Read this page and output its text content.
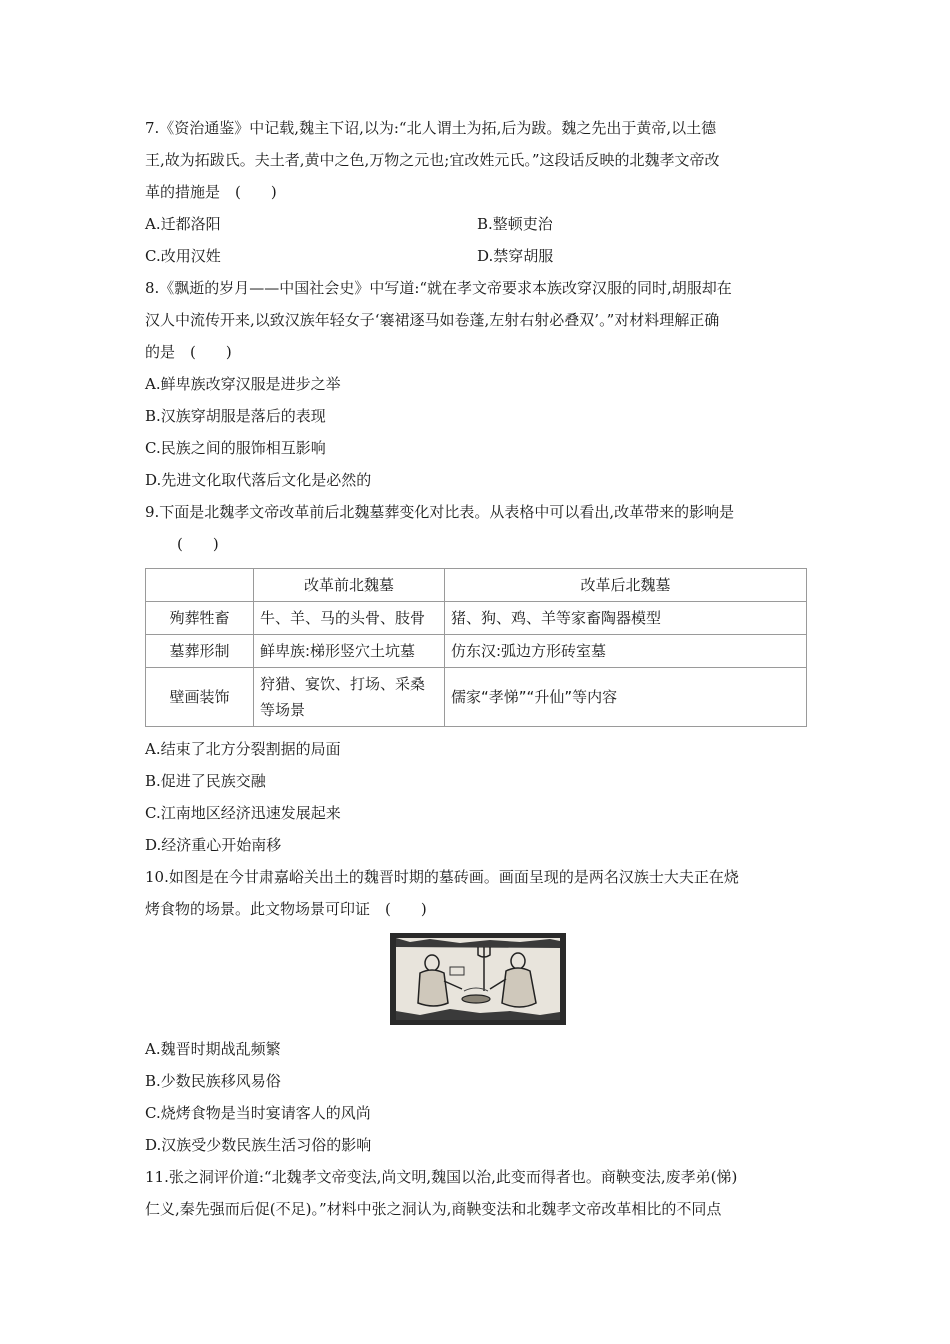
7.《资治通鉴》中记载,魏主下诏,以为:“北人谓土为拓,后为跋。魏之先出于黄帝,以土德
王,故为拓跋氏。夫土者,黄中之色,万物之元也;宜改姓元氏。”这段话反映的北魏孝文帝改
革的措施是　(　　)
A.迁都洛阳	B.整顿吏治
C.改用汉姓	D.禁穿胡服
8.《飘逝的岁月——中国社会史》中写道:“就在孝文帝要求本族改穿汉服的同时,胡服却在
汉人中流传开来,以致汉族年轻女子‘褰裙逐马如卷蓬,左射右射必叠双’。”对材料理解正确
的是　(　　)
A.鲜卑族改穿汉服是进步之举
B.汉族穿胡服是落后的表现
C.民族之间的服饰相互影响
D.先进文化取代落后文化是必然的
9.下面是北魏孝文帝改革前后北魏墓葬变化对比表。从表格中可以看出,改革带来的影响是
(　　)
	改革前北魏墓	改革后北魏墓
殉葬牲畜	牛、羊、马的头骨、肢骨	猪、狗、鸡、羊等家畜陶器模型
墓葬形制	鲜卑族:梯形竖穴土坑墓	仿东汉:弧边方形砖室墓
壁画装饰	狩猎、宴饮、打场、采桑等场景	儒家“孝悌”“升仙”等内容
A.结束了北方分裂割据的局面
B.促进了民族交融
C.江南地区经济迅速发展起来
D.经济重心开始南移
10.如图是在今甘肃嘉峪关出土的魏晋时期的墓砖画。画面呈现的是两名汉族士大夫正在烧
烤食物的场景。此文物场景可印证　(　　)
A.魏晋时期战乱频繁
B.少数民族移风易俗
C.烧烤食物是当时宴请客人的风尚
D.汉族受少数民族生活习俗的影响
11.张之洞评价道:“北魏孝文帝变法,尚文明,魏国以治,此变而得者也。商鞅变法,废孝弟(悌)
仁义,秦先强而后促(不足)。”材料中张之洞认为,商鞅变法和北魏孝文帝改革相比的不同点
